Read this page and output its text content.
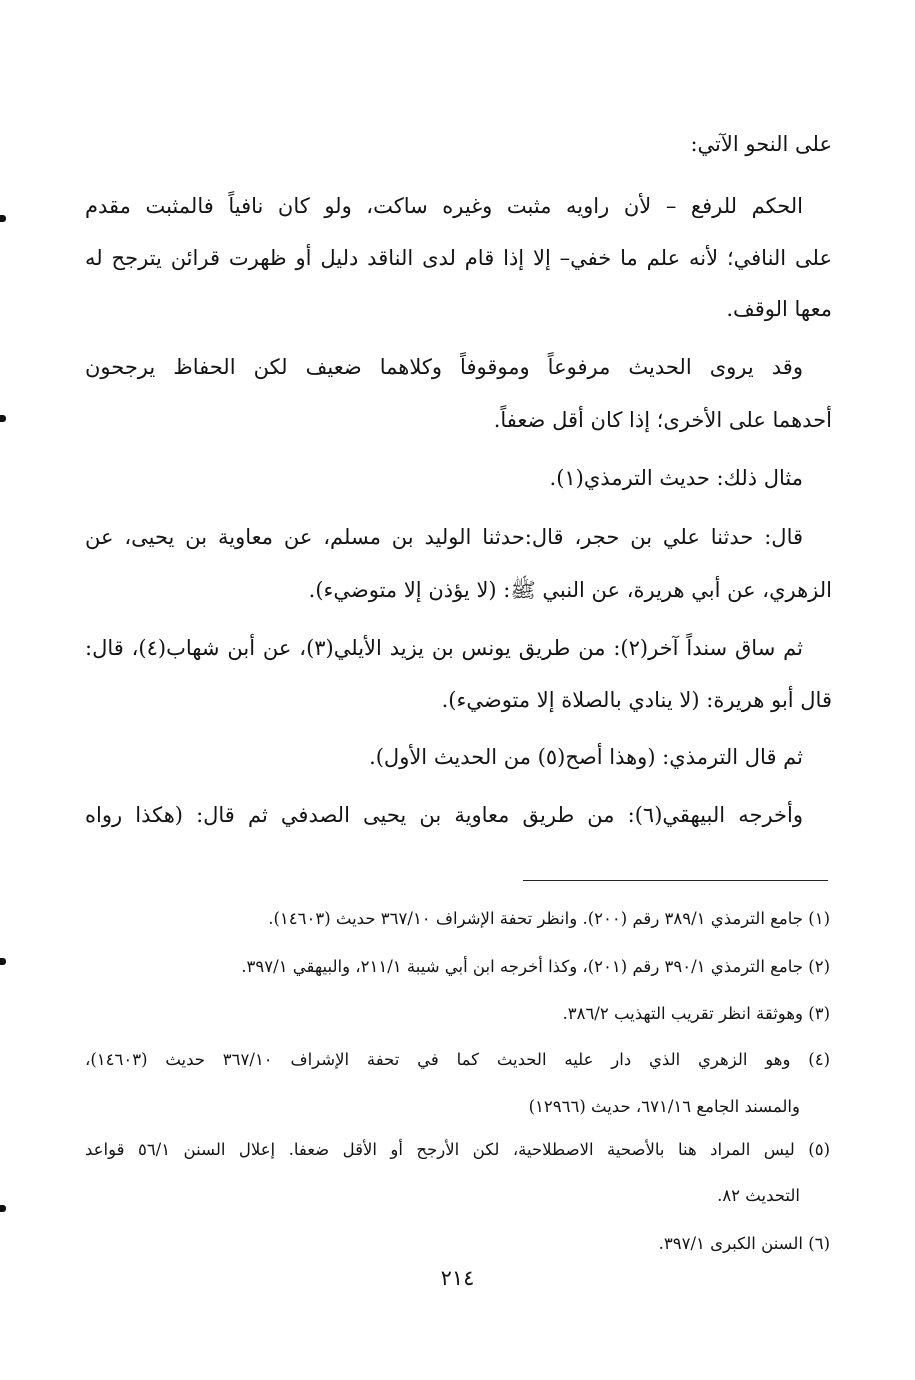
على النحو الآتي:
الحكم للرفع – لأن راويه مثبت وغيره ساكت، ولو كان نافياً فالمثبت مقدم
على النافي؛ لأنه علم ما خفي– إلا إذا قام لدى الناقد دليل أو ظهرت قرائن يترجح له
معها الوقف.
وقد يروى الحديث مرفوعاً وموقوفاً وكلاهما ضعيف لكن الحفاظ يرجحون
أحدهما على الأخرى؛ إذا كان أقل ضعفاً.
مثال ذلك: حديث الترمذي(١).
قال: حدثنا علي بن حجر، قال:حدثنا الوليد بن مسلم، عن معاوية بن يحيى، عن
الزهري، عن أبي هريرة، عن النبي ﷺ: (لا يؤذن إلا متوضيء).
ثم ساق سنداً آخر(٢): من طريق يونس بن يزيد الأيلي(٣)، عن أبن شهاب(٤)، قال:
قال أبو هريرة: (لا ينادي بالصلاة إلا متوضيء).
ثم قال الترمذي: (وهذا أصح(٥) من الحديث الأول).
وأخرجه البيهقي(٦): من طريق معاوية بن يحيى الصدفي ثم قال: (هكذا رواه
(١) جامع الترمذي ٣٨٩/١ رقم (٢٠٠). وانظر تحفة الإشراف ٣٦٧/١٠ حديث (١٤٦٠٣).
(٢) جامع الترمذي ٣٩٠/١ رقم (٢٠١)، وكذا أخرجه ابن أبي شيبة ٢١١/١، والبيهقي ٣٩٧/١.
(٣) وهوثقة انظر تقريب التهذيب ٣٨٦/٢.
(٤) وهو الزهري الذي دار عليه الحديث كما في تحفة الإشراف ٣٦٧/١٠ حديث (١٤٦٠٣)،
والمسند الجامع ٦٧١/١٦، حديث (١٢٩٦٦)
(٥) ليس المراد هنا بالأصحية الاصطلاحية، لكن الأرجح أو الأقل ضعفا. إعلال السنن ٥٦/١ قواعد
التحديث ٨٢.
(٦) السنن الكبرى ٣٩٧/١.
٢١٤
